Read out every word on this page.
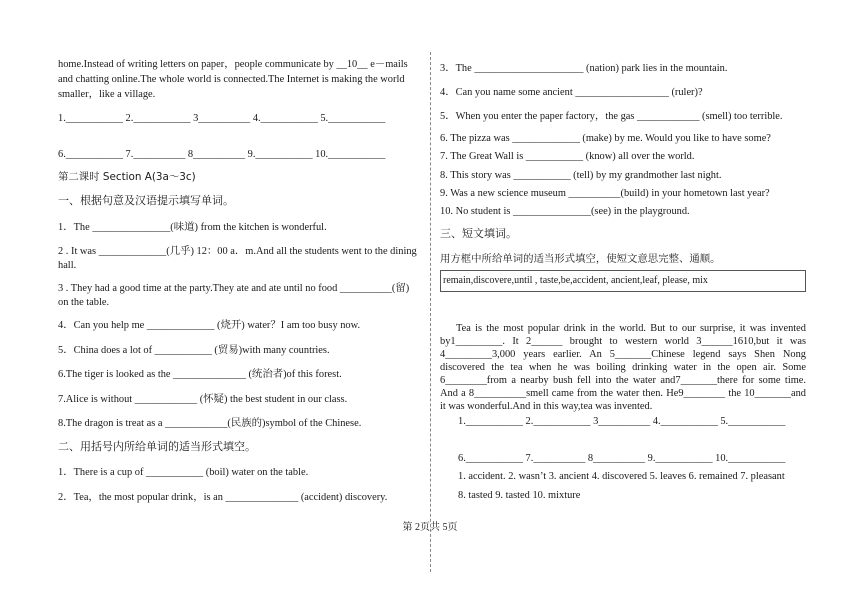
home.Instead of writing letters on paper，people communicate by __10__ e－mails
and chatting online.The whole world is connected.The Internet is making the world
smaller，like a village.
1.___________ 2.___________ 3__________ 4.___________ 5.___________
6.___________ 7.__________ 8__________ 9.___________ 10.___________
第二课时 Section A(3a～3c)
一、根据句意及汉语提示填写单词。
1．The _______________(味道) from the kitchen is wonderful.
2 . It was _____________(几乎) 12：00 a．m.And all the students went to the dining hall.
3 . They had a good time at the party.They ate and ate until no food __________(留) on the table.
4．Can you help me _____________ (烧开) water？I am too busy now.
5．China does a lot of ___________ (贸易)with many countries.
6.The tiger is looked as the ______________ (统治者)of this forest.
7.Alice is without ____________ (怀疑) the best student in our class.
8.The dragon is treat as a ____________(民族的)symbol of the Chinese.
二、用括号内所给单词的适当形式填空。
1．There is a cup of ___________ (boil) water on the table.
2．Tea，the most popular drink，is an ______________ (accident) discovery.
3．The _____________________ (nation) park lies in the mountain.
4．Can you name some ancient __________________ (ruler)?
5．When you enter the paper factory，the gas ____________ (smell) too terrible.
6. The pizza was _____________ (make) by me. Would you like to have some?
7. The Great Wall is ___________ (know) all over the world.
8. This story was ___________ (tell) by my grandmother last night.
9. Was a new science museum __________(build) in your hometown last year?
10. No student is _______________(see) in the playground.
三、短文填词。
用方框中所给单词的适当形式填空，使短文意思完整、通顺。
remain,discovere,until , taste,be,accident, ancient,leaf, please, mix

Tea is the most popular drink in the world. But to our surprise, it was invented by1_________. It 2______ brought to western world 3______1610,but it was 4_________3,000 years earlier. An 5_______Chinese legend says Shen Nong discovered the tea when he was boiling drinking water in the open air. Some 6________from a nearby bush fell into the water and7_______there for some time. And a 8__________smell came from the water then. He9________ the 10_______and it was wonderful.And in this way,tea was invented.

1.___________ 2.___________ 3__________ 4.___________ 5.___________
6.___________ 7.__________ 8__________ 9.___________ 10.___________
1. accident. 2. wasn’t 3. ancient 4. discovered 5. leaves 6. remained 7. pleasant
8. tasted 9. tasted 10. mixture
第 2页共 5页
